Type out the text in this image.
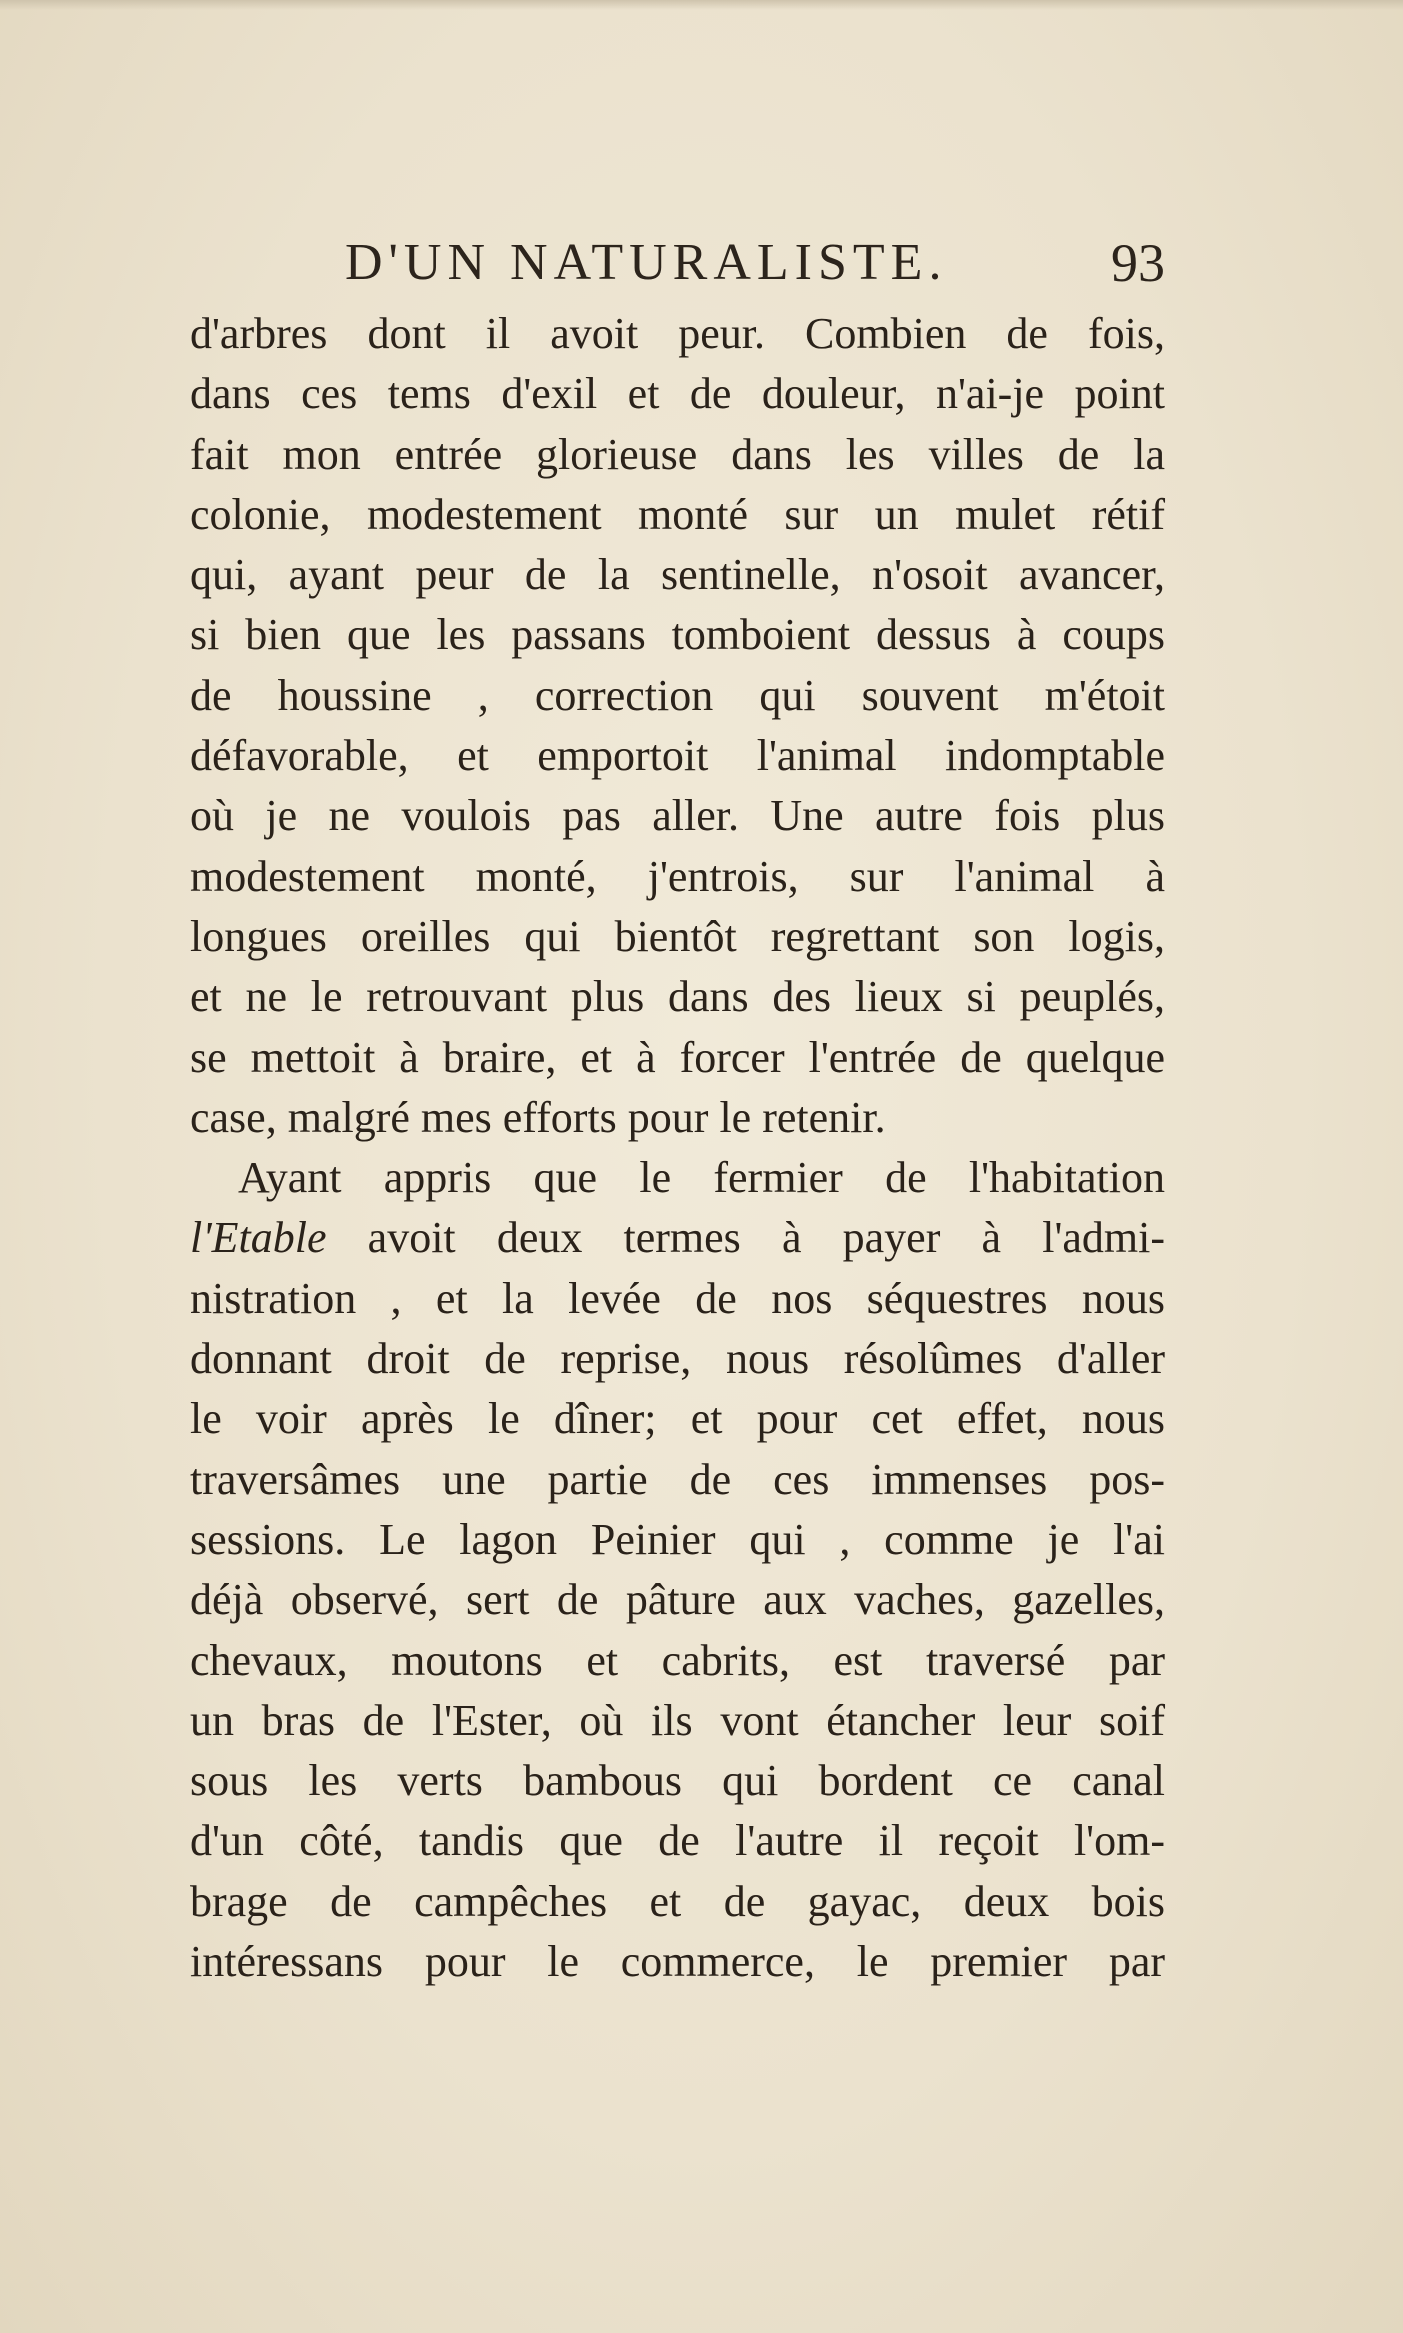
D'UN NATURALISTE.	93
d'arbres dont il avoit peur. Combien de fois,
dans ces tems d'exil et de douleur, n'ai-je point
fait mon entrée glorieuse dans les villes de la
colonie, modestement monté sur un mulet rétif
qui, ayant peur de la sentinelle, n'osoit avancer,
si bien que les passans tomboient dessus à coups
de houssine , correction qui souvent m'étoit
défavorable, et emportoit l'animal indomptable
où je ne voulois pas aller. Une autre fois plus
modestement monté, j'entrois, sur l'animal à
longues oreilles qui bientôt regrettant son logis,
et ne le retrouvant plus dans des lieux si peuplés,
se mettoit à braire, et à forcer l'entrée de quelque
case, malgré mes efforts pour le retenir.
Ayant appris que le fermier de l'habitation
l'Etable avoit deux termes à payer à l'admi-
nistration , et la levée de nos séquestres nous
donnant droit de reprise, nous résolûmes d'aller
le voir après le dîner; et pour cet effet, nous
traversâmes une partie de ces immenses pos-
sessions. Le lagon Peinier qui , comme je l'ai
déjà observé, sert de pâture aux vaches, gazelles,
chevaux, moutons et cabrits, est traversé par
un bras de l'Ester, où ils vont étancher leur soif
sous les verts bambous qui bordent ce canal
d'un côté, tandis que de l'autre il reçoit l'om-
brage de campêches et de gayac, deux bois
intéressans pour le commerce, le premier par
